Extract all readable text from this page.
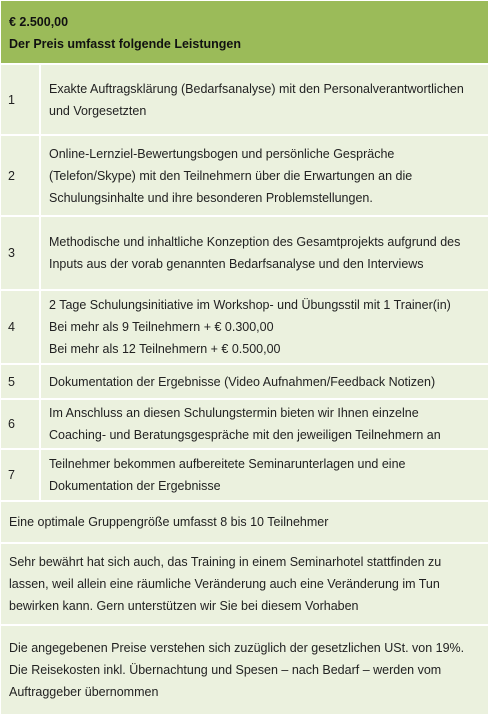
€ 2.500,00
Der Preis umfasst folgende Leistungen
1
Exakte Auftragsklärung (Bedarfsanalyse) mit den Personalverantwortlichen
und Vorgesetzten
2
Online-Lernziel-Bewertungsbogen und persönliche Gespräche
(Telefon/Skype) mit den Teilnehmern über die Erwartungen an die
Schulungsinhalte und ihre besonderen Problemstellungen.
3
Methodische und inhaltliche Konzeption des Gesamtprojekts aufgrund des
Inputs aus der vorab genannten Bedarfsanalyse und den Interviews
4
2 Tage Schulungsinitiative im Workshop- und Übungsstil mit 1 Trainer(in)
Bei mehr als 9 Teilnehmern + € 0.300,00
Bei mehr als 12 Teilnehmern + € 0.500,00
5	Dokumentation der Ergebnisse (Video Aufnahmen/Feedback Notizen)
6
Im Anschluss an diesen Schulungstermin bieten wir Ihnen einzelne
Coaching- und Beratungsgespräche mit den jeweiligen Teilnehmern an
7
Teilnehmer bekommen aufbereitete Seminarunterlagen und eine
Dokumentation der Ergebnisse
Eine optimale Gruppengröße umfasst 8 bis 10 Teilnehmer
Sehr bewährt hat sich auch, das Training in einem Seminarhotel stattfinden zu
lassen, weil allein eine räumliche Veränderung auch eine Veränderung im Tun
bewirken kann. Gern unterstützen wir Sie bei diesem Vorhaben
Die angegebenen Preise verstehen sich zuzüglich der gesetzlichen USt. von 19%.
Die Reisekosten inkl. Übernachtung und Spesen – nach Bedarf – werden vom
Auftraggeber übernommen
